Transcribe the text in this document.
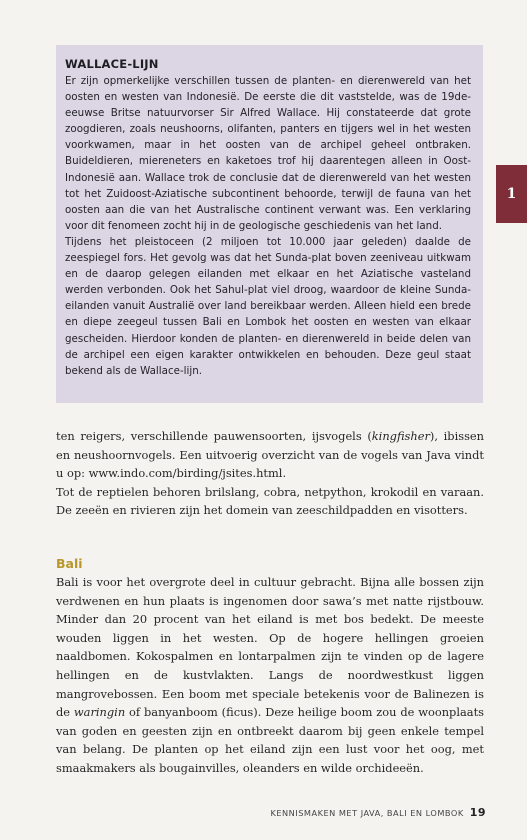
WALLACE-LIJN

Er zijn opmerkelijke verschillen tussen de planten- en dierenwereld van het oosten en westen van Indonesië. De eerste die dit vaststelde, was de 19de-eeuwse Britse natuurvorser Sir Alfred Wallace. Hij constateerde dat grote zoogdieren, zoals neushoorns, olifanten, panters en tijgers wel in het westen voorkwamen, maar in het oosten van de archipel geheel ontbraken. Buideldieren, miereneters en kaketoes trof hij daarentegen alleen in Oost-Indonesië aan. Wallace trok de conclusie dat de dierenwereld van het westen tot het Zuidoost-Aziatische subcontinent behoorde, terwijl de fauna van het oosten aan die van het Australische continent verwant was. Een verklaring voor dit fenomeen zocht hij in de geologische geschiedenis van het land.

Tijdens het pleistoceen (2 miljoen tot 10.000 jaar geleden) daalde de zeespiegel fors. Het gevolg was dat het Sunda-plat boven zeeniveau uitkwam en de daarop gelegen eilanden met elkaar en het Aziatische vasteland werden verbonden. Ook het Sahul-plat viel droog, waardoor de kleine Sunda-eilanden vanuit Australië over land bereikbaar werden. Alleen hield een brede en diepe zeegeul tussen Bali en Lombok het oosten en westen van elkaar gescheiden. Hierdoor konden de planten- en dierenwereld in beide delen van de archipel een eigen karakter ontwikkelen en behouden. Deze geul staat bekend als de Wallace-lijn.

1

ten reigers, verschillende pauwensoorten, ijsvogels (kingfisher), ibissen en neushoornvogels. Een uitvoerig overzicht van de vogels van Java vindt u op: www.indo.com/birding/jsites.html.
Tot de reptielen behoren brilslang, cobra, netpython, krokodil en varaan. De zeeën en rivieren zijn het domein van zeeschildpadden en visotters.

Bali

Bali is voor het overgrote deel in cultuur gebracht. Bijna alle bossen zijn verdwenen en hun plaats is ingenomen door sawa’s met natte rijstbouw. Minder dan 20 procent van het eiland is met bos bedekt. De meeste wouden liggen in het westen. Op de hogere hellingen groeien naaldbomen. Kokospalmen en lontarpalmen zijn te vinden op de lagere hellingen en de kustvlakten. Langs de noordwestkust liggen mangrovebossen. Een boom met speciale betekenis voor de Balinezen is de waringin of banyanboom (ficus). Deze heilige boom zou de woonplaats van goden en geesten zijn en ontbreekt daarom bij geen enkele tempel van belang. De planten op het eiland zijn een lust voor het oog, met smaakmakers als bougainvilles, oleanders en wilde orchideeën.

KENNISMAKEN MET JAVA, BALI EN LOMBOK 19
